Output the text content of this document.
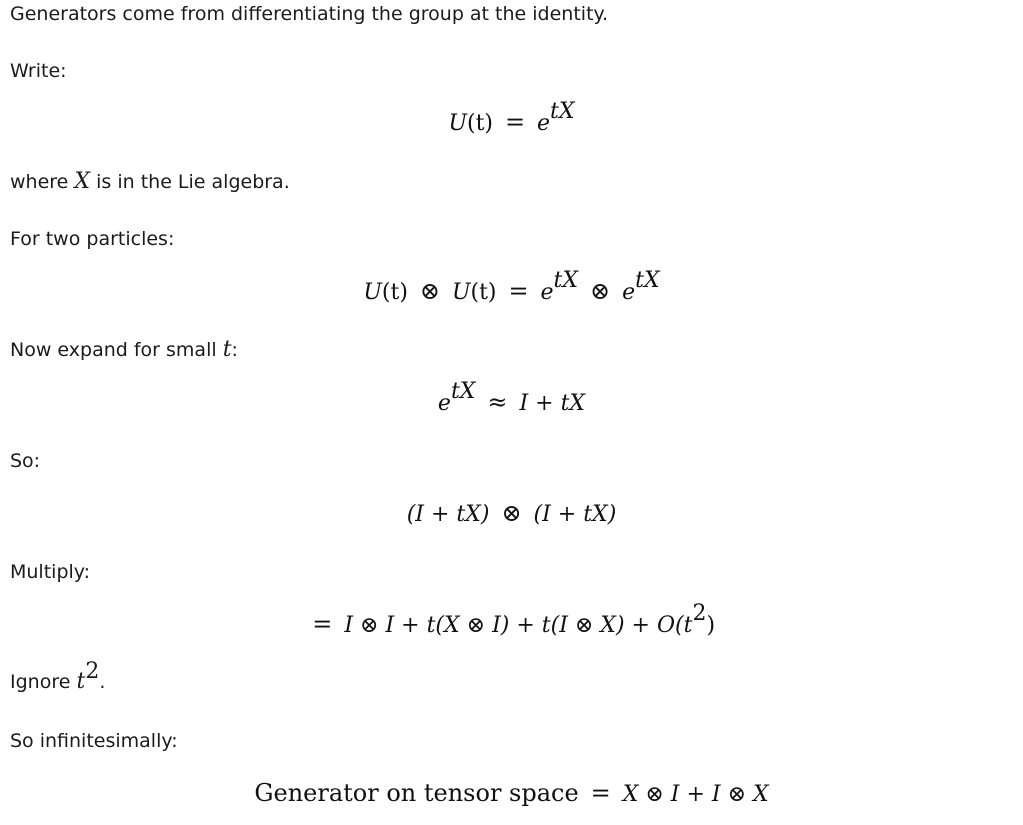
Generators come from differentiating the group at the identity.
Write:
$U(t) = e^{tX}$
where X is in the Lie algebra.
For two particles:
U(t) ⊗ $U(t) = e^{tX}$ ⊗ $e^{tX}$
Now expand for small t:
$e^{tX} \approx I$ + tX
So:
(I + tX) ⊗ (I + tX)
Multiply:
= I ⊗ I + t(X ⊗ I) + t(I ⊗ $X) + O(t^2)$
Ignore $t^2$.
So infinitesimally:
Generator on tensor space = X ⊗ I + I ⊗ X
